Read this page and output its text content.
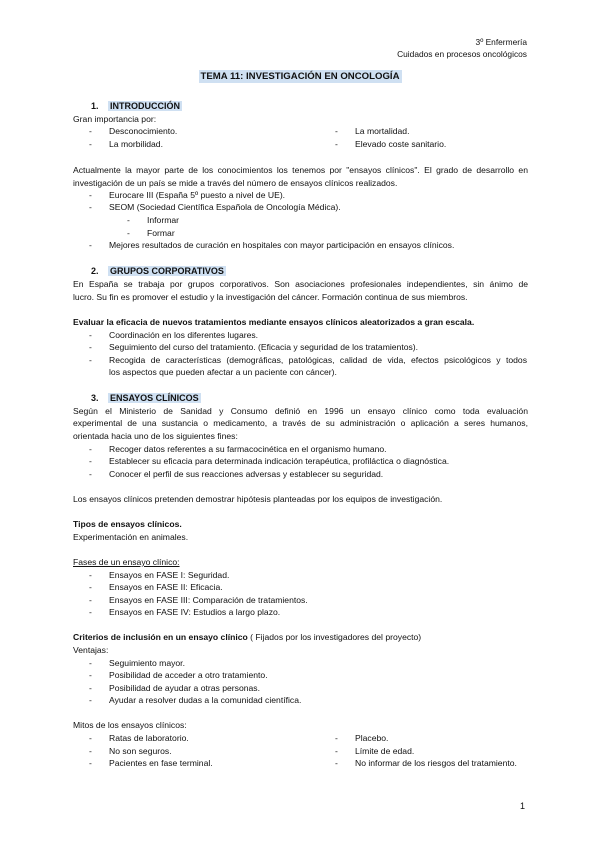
3º Enfermería
Cuidados en procesos oncológicos
TEMA 11: INVESTIGACIÓN EN ONCOLOGÍA
1. INTRODUCCIÓN
Gran importancia por:
- Desconocimiento.
- La morbilidad.
- La mortalidad.
- Elevado coste sanitario.
Actualmente la mayor parte de los conocimientos los tenemos por "ensayos clínicos". El grado de desarrollo en
investigación de un país se mide a través del número de ensayos clínicos realizados.
- Eurocare III (España 5º puesto a nivel de UE).
- SEOM (Sociedad Científica Española de Oncología Médica).
- Informar
- Formar
- Mejores resultados de curación en hospitales con mayor participación en ensayos clínicos.
2. GRUPOS CORPORATIVOS
En España se trabaja por grupos corporativos. Son asociaciones profesionales independientes, sin ánimo de
lucro. Su fin es promover el estudio y la investigación del cáncer. Formación continua de sus miembros.
Evaluar la eficacia de nuevos tratamientos mediante ensayos clínicos aleatorizados a gran escala.
- Coordinación en los diferentes lugares.
- Seguimiento del curso del tratamiento. (Eficacia y seguridad de los tratamientos).
- Recogida de características (demográficas, patológicas, calidad de vida, efectos psicológicos y todos
los aspectos que pueden afectar a un paciente con cáncer).
3. ENSAYOS CLÍNICOS
Según el Ministerio de Sanidad y Consumo definió en 1996 un ensayo clínico como toda evaluación
experimental de una sustancia o medicamento, a través de su administración o aplicación a seres humanos,
orientada hacia uno de los siguientes fines:
- Recoger datos referentes a su farmacocinética en el organismo humano.
- Establecer su eficacia para determinada indicación terapéutica, profiláctica o diagnóstica.
- Conocer el perfil de sus reacciones adversas y establecer su seguridad.
Los ensayos clínicos pretenden demostrar hipótesis planteadas por los equipos de investigación.
Tipos de ensayos clínicos.
Experimentación en animales.
Fases de un ensayo clínico:
- Ensayos en FASE I: Seguridad.
- Ensayos en FASE II: Eficacia.
- Ensayos en FASE III: Comparación de tratamientos.
- Ensayos en FASE IV: Estudios a largo plazo.
Criterios de inclusión en un ensayo clínico ( Fijados por los investigadores del proyecto)
Ventajas:
- Seguimiento mayor.
- Posibilidad de acceder a otro tratamiento.
- Posibilidad de ayudar a otras personas.
- Ayudar a resolver dudas a la comunidad científica.
Mitos de los ensayos clínicos:
- Ratas de laboratorio.
- No son seguros.
- Pacientes en fase terminal.
- Placebo.
- Límite de edad.
- No informar de los riesgos del tratamiento.
1
